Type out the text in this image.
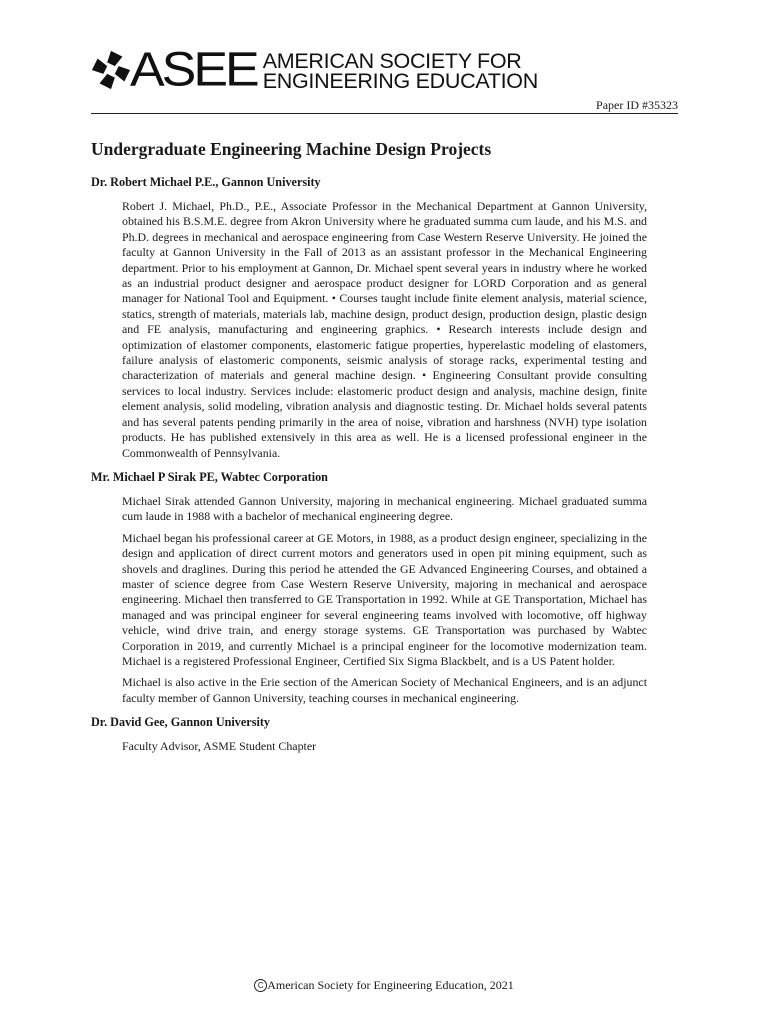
ASEE AMERICAN SOCIETY FOR
ENGINEERING EDUCATION
Paper ID #35323
Undergraduate Engineering Machine Design Projects
Dr. Robert Michael P.E., Gannon University

Robert J. Michael, Ph.D., P.E., Associate Professor in the Mechanical Department at Gannon University, obtained his B.S.M.E. degree from Akron University where he graduated summa cum laude, and his M.S. and Ph.D. degrees in mechanical and aerospace engineering from Case Western Reserve University. He joined the faculty at Gannon University in the Fall of 2013 as an assistant professor in the Mechanical Engineering department. Prior to his employment at Gannon, Dr. Michael spent several years in industry where he worked as an industrial product designer and aerospace product designer for LORD Corporation and as general manager for National Tool and Equipment. • Courses taught include finite element analysis, material science, statics, strength of materials, materials lab, machine design, product design, production design, plastic design and FE analysis, manufacturing and engineering graphics. • Research interests include design and optimization of elastomer components, elastomeric fatigue properties, hyperelastic modeling of elastomers, failure analysis of elastomeric components, seismic analysis of storage racks, experimental testing and characterization of materials and general machine design. • Engineering Consultant provide consulting services to local industry. Services include: elastomeric product design and analysis, machine design, finite element analysis, solid modeling, vibration analysis and diagnostic testing. Dr. Michael holds several patents and has several patents pending primarily in the area of noise, vibration and harshness (NVH) type isolation products. He has published extensively in this area as well. He is a licensed professional engineer in the Commonwealth of Pennsylvania.

Mr. Michael P Sirak PE, Wabtec Corporation

Michael Sirak attended Gannon University, majoring in mechanical engineering. Michael graduated summa cum laude in 1988 with a bachelor of mechanical engineering degree.

Michael began his professional career at GE Motors, in 1988, as a product design engineer, specializing in the design and application of direct current motors and generators used in open pit mining equipment, such as shovels and draglines. During this period he attended the GE Advanced Engineering Courses, and obtained a master of science degree from Case Western Reserve University, majoring in mechanical and aerospace engineering. Michael then transferred to GE Transportation in 1992. While at GE Transportation, Michael has managed and was principal engineer for several engineering teams involved with locomotive, off highway vehicle, wind drive train, and energy storage systems. GE Transportation was purchased by Wabtec Corporation in 2019, and currently Michael is a principal engineer for the locomotive modernization team. Michael is a registered Professional Engineer, Certified Six Sigma Blackbelt, and is a US Patent holder.

Michael is also active in the Erie section of the American Society of Mechanical Engineers, and is an adjunct faculty member of Gannon University, teaching courses in mechanical engineering.

Dr. David Gee, Gannon University

Faculty Advisor, ASME Student Chapter

C American Society for Engineering Education, 2021
